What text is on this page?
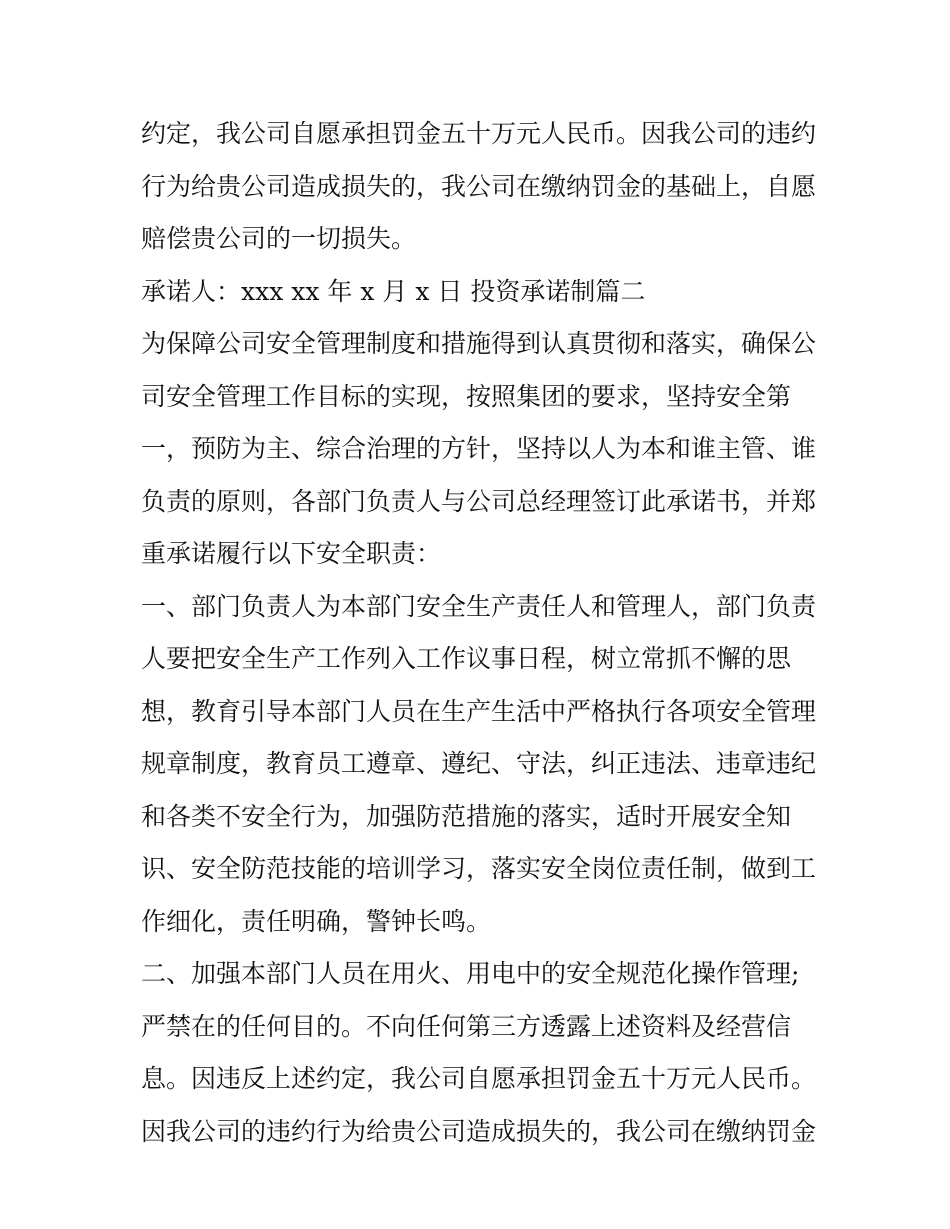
约定，我公司自愿承担罚金五十万元人民币。因我公司的违约
行为给贵公司造成损失的，我公司在缴纳罚金的基础上，自愿
赔偿贵公司的一切损失。
承诺人：xxx xx 年 x 月 x 日 投资承诺制篇二
为保障公司安全管理制度和措施得到认真贯彻和落实，确保公
司安全管理工作目标的实现，按照集团的要求，坚持安全第
一，预防为主、综合治理的方针，坚持以人为本和谁主管、谁
负责的原则，各部门负责人与公司总经理签订此承诺书，并郑
重承诺履行以下安全职责：
一、部门负责人为本部门安全生产责任人和管理人，部门负责
人要把安全生产工作列入工作议事日程，树立常抓不懈的思
想，教育引导本部门人员在生产生活中严格执行各项安全管理
规章制度，教育员工遵章、遵纪、守法，纠正违法、违章违纪
和各类不安全行为，加强防范措施的落实，适时开展安全知
识、安全防范技能的培训学习，落实安全岗位责任制，做到工
作细化，责任明确，警钟长鸣。
二、加强本部门人员在用火、用电中的安全规范化操作管理;
严禁在的任何目的。不向任何第三方透露上述资料及经营信
息。因违反上述约定，我公司自愿承担罚金五十万元人民币。
因我公司的违约行为给贵公司造成损失的，我公司在缴纳罚金
